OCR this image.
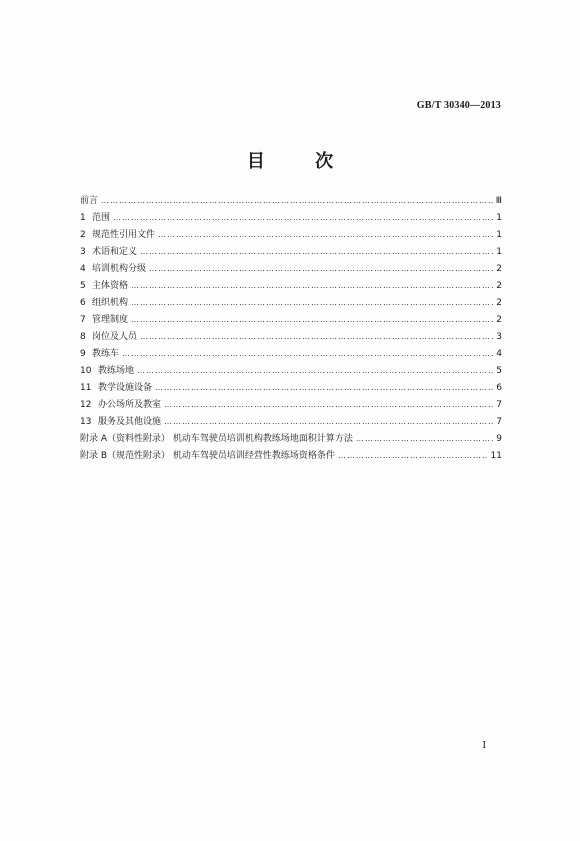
GB/T 30340—2013
目 次
前言 ……………………………………………………………………………………………………………………………………………………………………	Ⅲ
1 范围 ……………………………………………………………………………………………………………………………………………………………………	1
2 规范性引用文件 ……………………………………………………………………………………………………………………………………………………………………	1
3 术语和定义 ……………………………………………………………………………………………………………………………………………………………………	1
4 培训机构分级 ……………………………………………………………………………………………………………………………………………………………………	2
5 主体资格 ……………………………………………………………………………………………………………………………………………………………………	2
6 组织机构 ……………………………………………………………………………………………………………………………………………………………………	2
7 管理制度 ……………………………………………………………………………………………………………………………………………………………………	2
8 岗位及人员 ……………………………………………………………………………………………………………………………………………………………………	3
9 教练车 ……………………………………………………………………………………………………………………………………………………………………	4
10 教练场地 ……………………………………………………………………………………………………………………………………………………………………	5
11 教学设施设备 ……………………………………………………………………………………………………………………………………………………………………	6
12 办公场所及教室 ……………………………………………………………………………………………………………………………………………………………………	7
13 服务及其他设施 ……………………………………………………………………………………………………………………………………………………………………	7
附录 A（资料性附录） 机动车驾驶员培训机构教练场地面积计算方法 ……………………………………………………………………………………………………………………………………………………………………	9
附录 B（规范性附录） 机动车驾驶员培训经营性教练场资格条件 ……………………………………………………………………………………………………………………………………………………………………	11
Ⅰ
